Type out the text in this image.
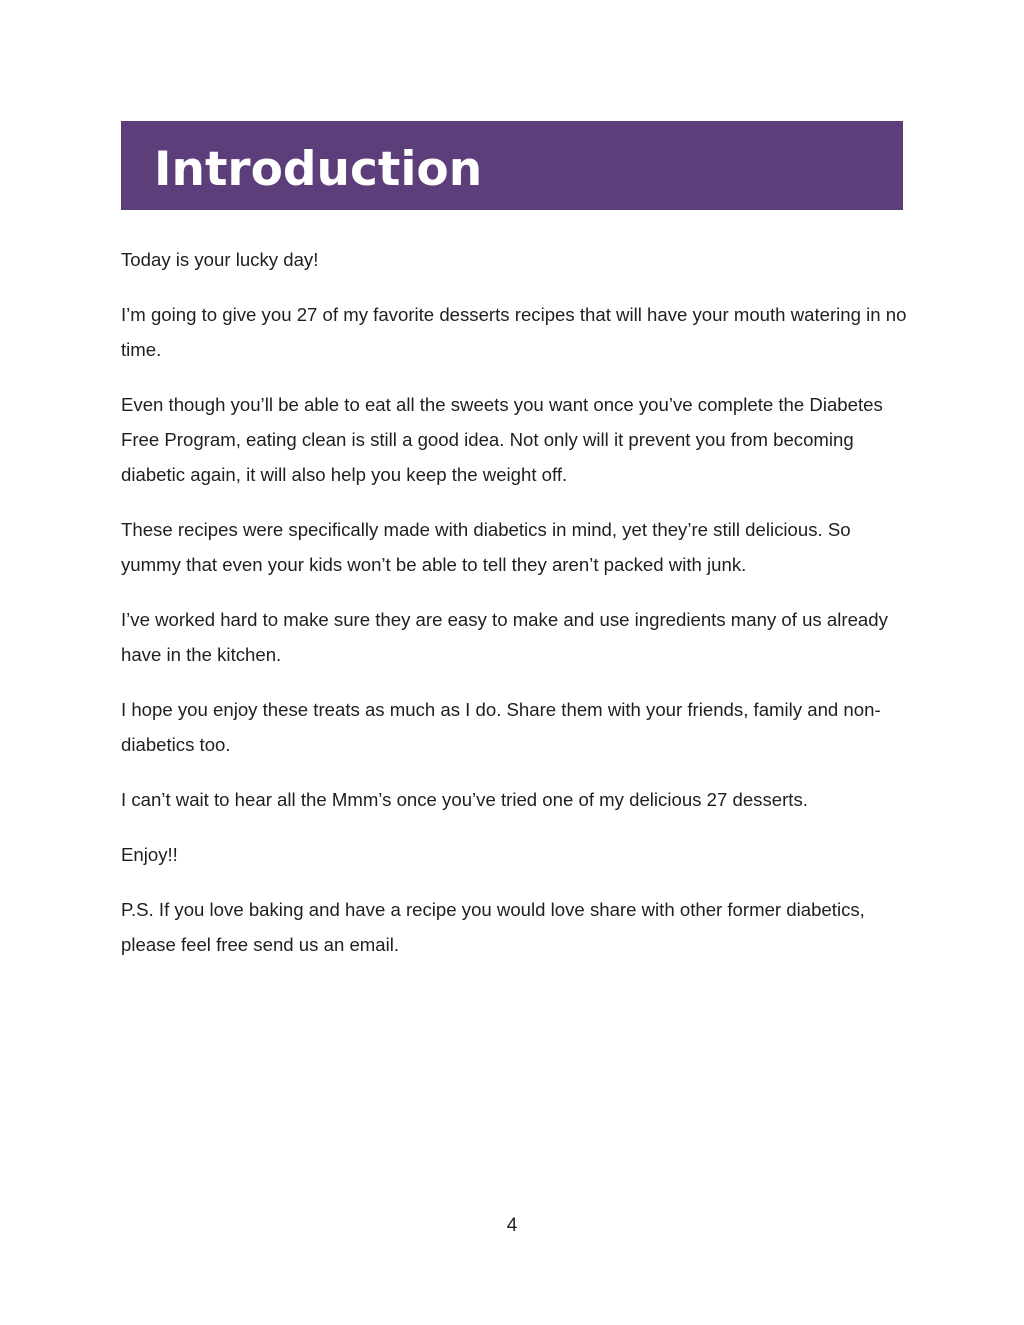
Introduction

Today is your lucky day!

I’m going to give you 27 of my favorite desserts recipes that will have your mouth watering in no time.

Even though you’ll be able to eat all the sweets you want once you’ve complete the Diabetes Free Program, eating clean is still a good idea. Not only will it prevent you from becoming diabetic again, it will also help you keep the weight off.

These recipes were specifically made with diabetics in mind, yet they’re still delicious. So yummy that even your kids won’t be able to tell they aren’t packed with junk.

I’ve worked hard to make sure they are easy to make and use ingredients many of us already have in the kitchen.

I hope you enjoy these treats as much as I do. Share them with your friends, family and non-diabetics too.

I can’t wait to hear all the Mmm’s once you’ve tried one of my delicious 27 desserts.

Enjoy!!

P.S. If you love baking and have a recipe you would love share with other former diabetics, please feel free send us an email.

4
